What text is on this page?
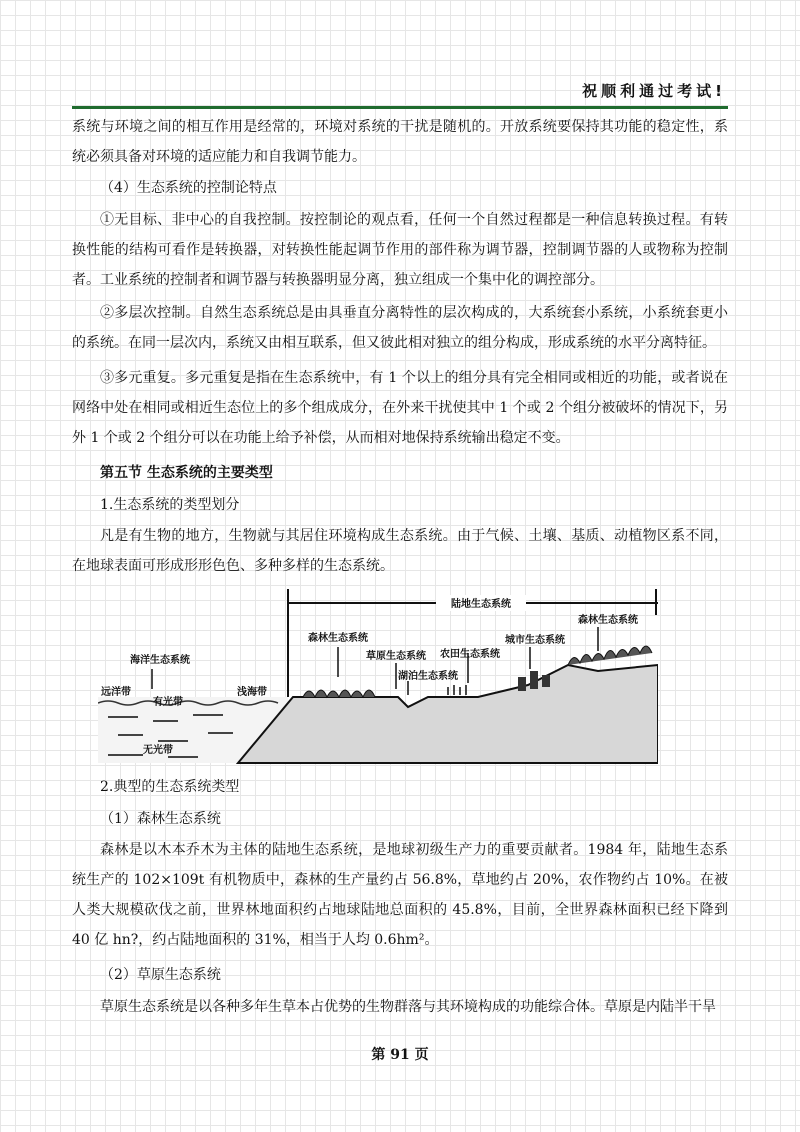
祝顺利通过考试!

系统与环境之间的相互作用是经常的，环境对系统的干扰是随机的。开放系统要保持其功能的稳定性，系统必须具备对环境的适应能力和自我调节能力。

（4）生态系统的控制论特点

①无目标、非中心的自我控制。按控制论的观点看，任何一个自然过程都是一种信息转换过程。有转换性能的结构可看作是转换器，对转换性能起调节作用的部件称为调节器，控制调节器的人或物称为控制者。工业系统的控制者和调节器与转换器明显分离，独立组成一个集中化的调控部分。

②多层次控制。自然生态系统总是由具垂直分离特性的层次构成的，大系统套小系统，小系统套更小的系统。在同一层次内，系统又由相互联系，但又彼此相对独立的组分构成，形成系统的水平分离特征。

③多元重复。多元重复是指在生态系统中，有 1 个以上的组分具有完全相同或相近的功能，或者说在网络中处在相同或相近生态位上的多个组成成分，在外来干扰使其中 1 个或 2 个组分被破坏的情况下，另外 1 个或 2 个组分可以在功能上给予补偿，从而相对地保持系统输出稳定不变。

第五节 生态系统的主要类型

1.生态系统的类型划分

凡是有生物的地方，生物就与其居住环境构成生态系统。由于气候、土壤、基质、动植物区系不同，在地球表面可形成形形色色、多种多样的生态系统。

陆地生态系统
森林生态系统
森林生态系统	城市生态系统
草原生态系统 农田生态系统
湖泊生态系统
海洋生态系统
远洋带
有光带
浅海带
无光带

2.典型的生态系统类型

（1）森林生态系统

森林是以木本乔木为主体的陆地生态系统，是地球初级生产力的重要贡献者。1984 年，陆地生态系统生产的 102×109t 有机物质中，森林的生产量约占 56.8%，草地约占 20%，农作物约占 10%。在被人类大规模砍伐之前，世界林地面积约占地球陆地总面积的 45.8%，目前，全世界森林面积已经下降到 40 亿 hn?，约占陆地面积的 31%，相当于人均 0.6hm²。

（2）草原生态系统

草原生态系统是以各种多年生草本占优势的生物群落与其环境构成的功能综合体。草原是内陆半干旱

第 91 页
